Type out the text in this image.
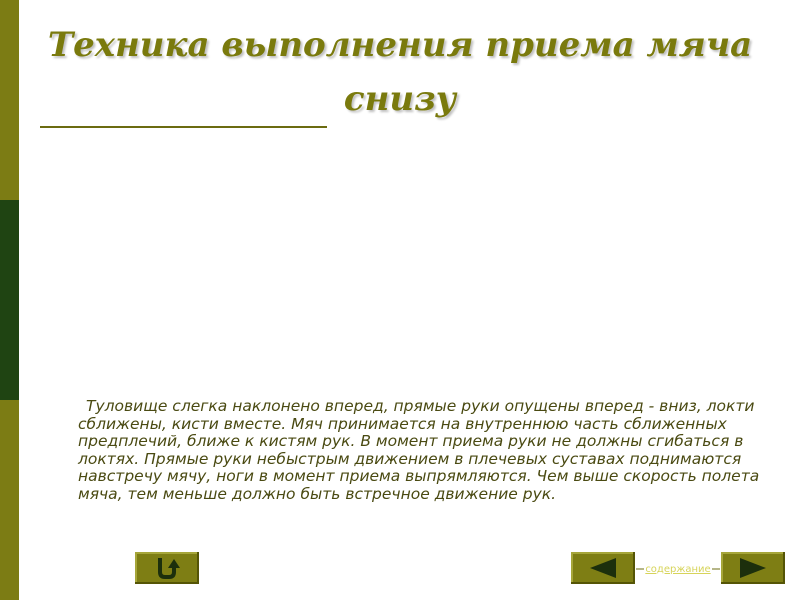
Техника выполнения приема мяча
снизу
Туловище слегка наклонено вперед, прямые руки опущены вперед - вниз, локти сближены, кисти вместе. Мяч принимается на внутреннюю часть сближенных предплечий, ближе к кистям рук. В момент приема руки не должны сгибаться в локтях. Прямые руки небыстрым движением в плечевых суставах поднимаются навстречу мячу, ноги в момент приема выпрямляются. Чем выше скорость полета мяча, тем меньше должно быть встречное движение рук.
содержание
